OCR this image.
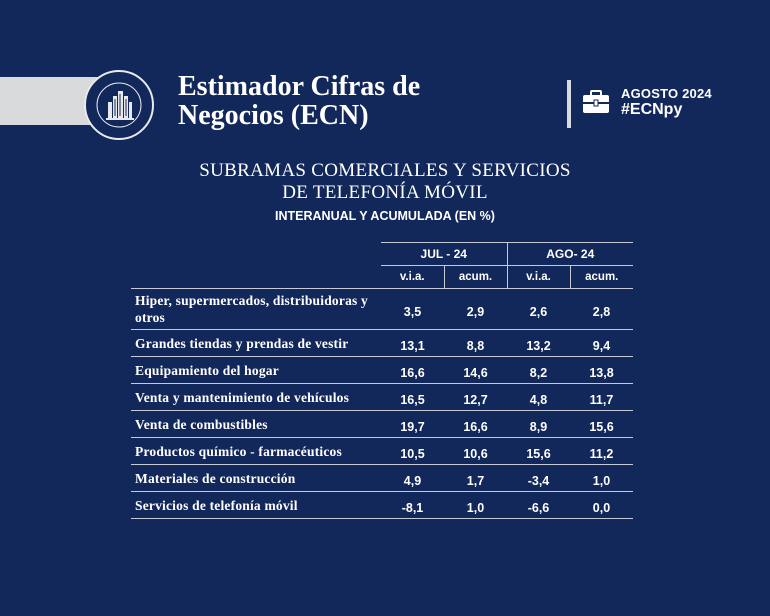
Estimador Cifras de
Negocios (ECN)
AGOSTO 2024
#ECNpy
SUBRAMAS COMERCIALES Y SERVICIOS
DE TELEFONÍA MÓVIL
INTERANUAL Y ACUMULADA (EN %)
	JUL - 24		AGO- 24	
	v.i.a.	acum.	v.i.a.	acum.
Hiper, supermercados, distribuidoras y otros	3,5	2,9	2,6	2,8
Grandes tiendas y prendas de vestir	13,1	8,8	13,2	9,4
Equipamiento del hogar	16,6	14,6	8,2	13,8
Venta y mantenimiento de vehículos	16,5	12,7	4,8	11,7
Venta de combustibles	19,7	16,6	8,9	15,6
Productos químico - farmacéuticos	10,5	10,6	15,6	11,2
Materiales de construcción	4,9	1,7	-3,4	1,0
Servicios de telefonía móvil	-8,1	1,0	-6,6	0,0
